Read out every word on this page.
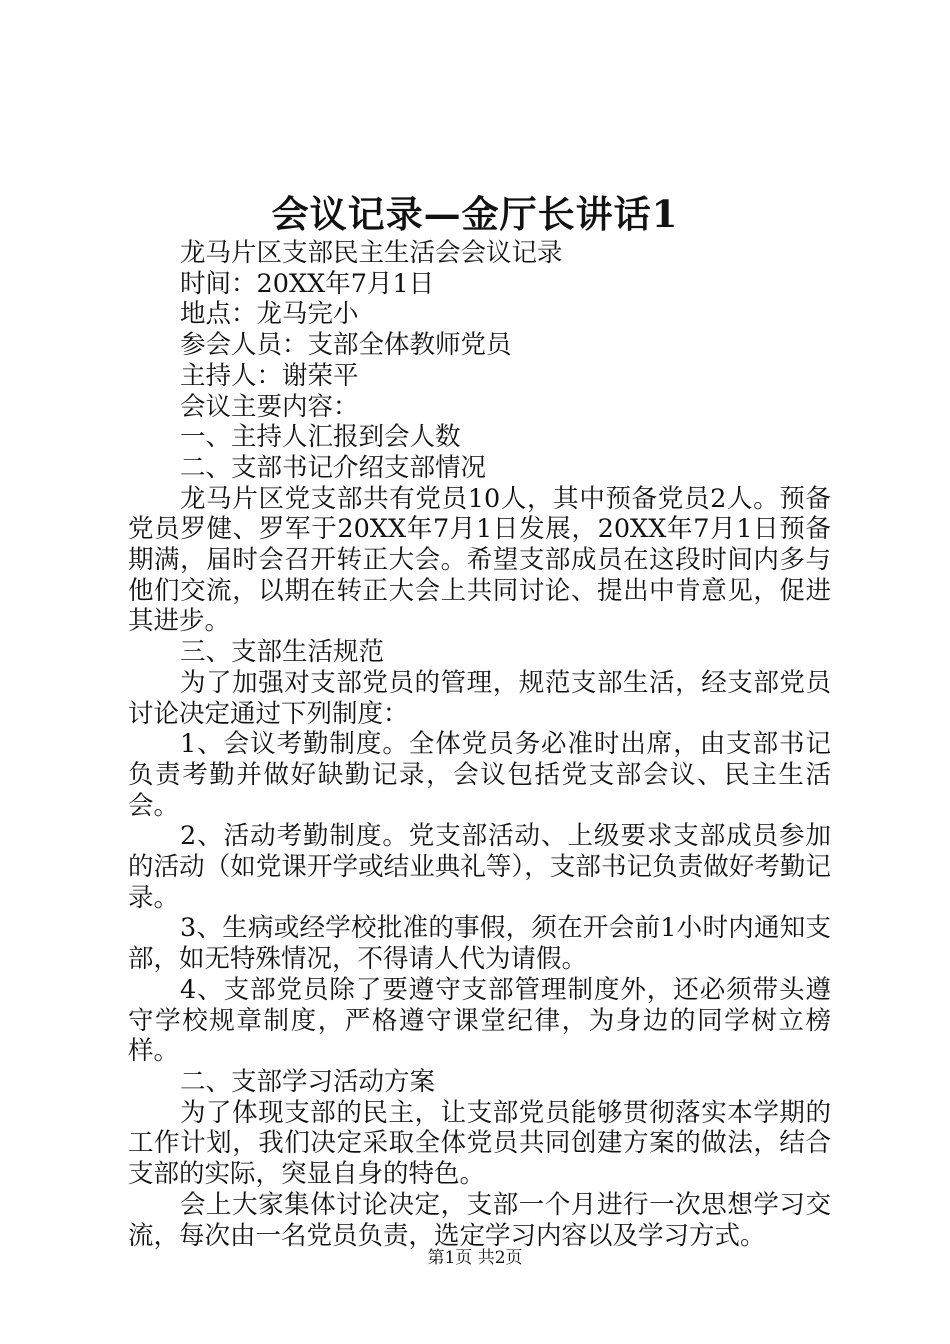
会议记录—金厅长讲话1

龙马片区支部民主生活会会议记录

时间：20XX年7月1日

地点：龙马完小

参会人员：支部全体教师党员

主持人：谢荣平

会议主要内容：

一、主持人汇报到会人数

二、支部书记介绍支部情况

龙马片区党支部共有党员10人，其中预备党员2人。预备党员罗健、罗军于20XX年7月1日发展，20XX年7月1日预备期满，届时会召开转正大会。希望支部成员在这段时间内多与他们交流，以期在转正大会上共同讨论、提出中肯意见，促进其进步。

三、支部生活规范

为了加强对支部党员的管理，规范支部生活，经支部党员讨论决定通过下列制度：

1、会议考勤制度。全体党员务必准时出席，由支部书记负责考勤并做好缺勤记录，会议包括党支部会议、民主生活会。

2、活动考勤制度。党支部活动、上级要求支部成员参加的活动（如党课开学或结业典礼等），支部书记负责做好考勤记录。

3、生病或经学校批准的事假，须在开会前1小时内通知支部，如无特殊情况，不得请人代为请假。

4、支部党员除了要遵守支部管理制度外，还必须带头遵守学校规章制度，严格遵守课堂纪律，为身边的同学树立榜样。

二、支部学习活动方案

为了体现支部的民主，让支部党员能够贯彻落实本学期的工作计划，我们决定采取全体党员共同创建方案的做法，结合支部的实际，突显自身的特色。

会上大家集体讨论决定，支部一个月进行一次思想学习交流，每次由一名党员负责，选定学习内容以及学习方式。

第1页 共2页
